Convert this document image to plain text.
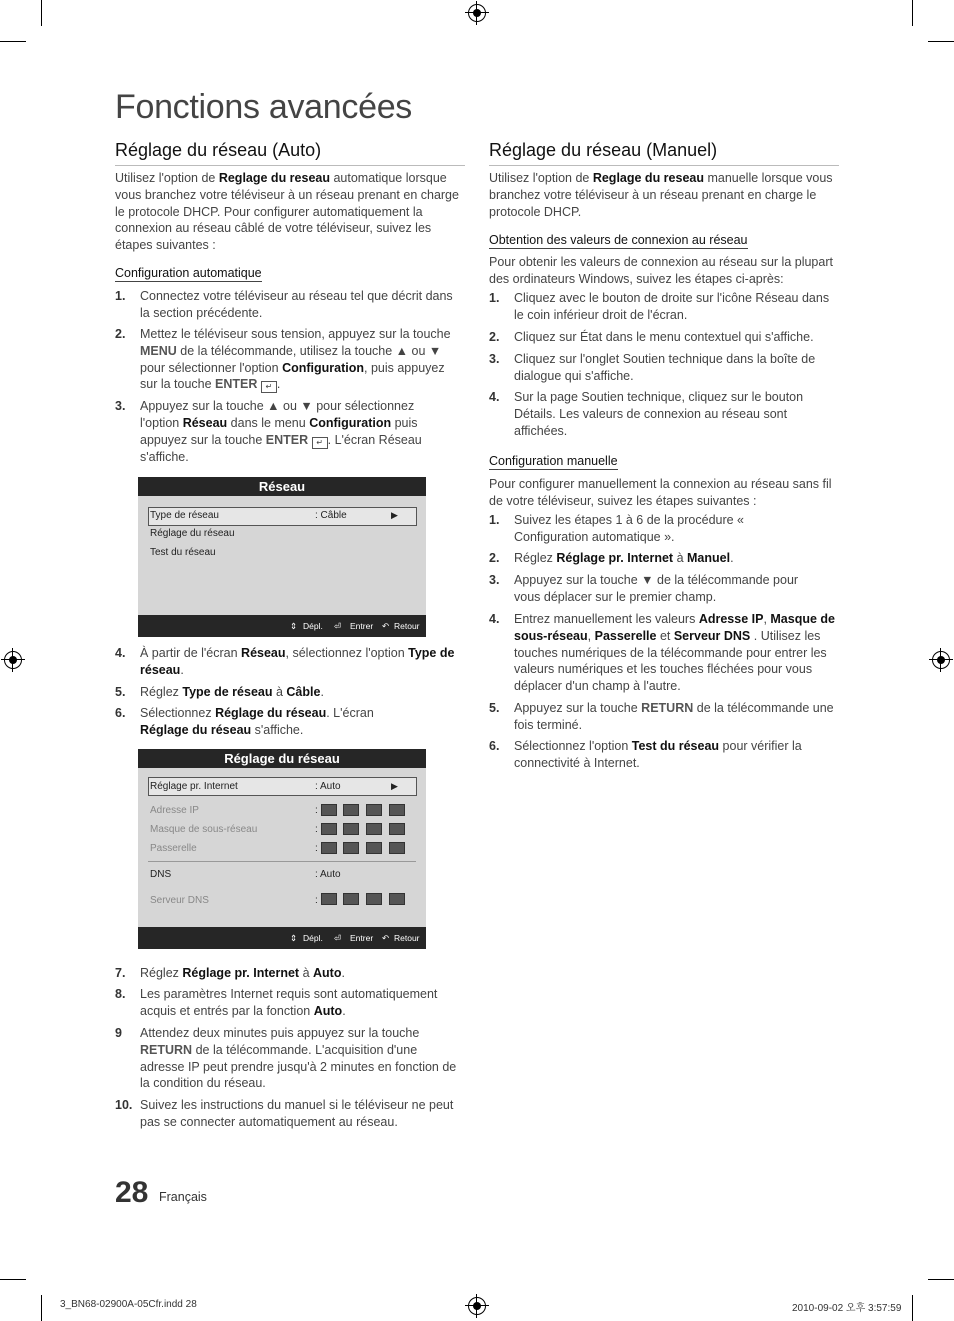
Fonctions avancées
Réglage du réseau (Auto)
Utilisez l'option de Reglage du reseau automatique lorsque vous branchez votre téléviseur à un réseau prenant en charge le protocole DHCP. Pour configurer automatiquement la connexion au réseau câblé de votre téléviseur, suivez les étapes suivantes :
Configuration automatique
1. Connectez votre téléviseur au réseau tel que décrit dans la section précédente.
2. Mettez le téléviseur sous tension, appuyez sur la touche MENU de la télécommande, utilisez la touche ▲ ou ▼ pour sélectionner l'option Configuration, puis appuyez sur la touche ENTER ↵ .
3. Appuyez sur la touche ▲ ou ▼ pour sélectionnez l'option Réseau dans le menu Configuration puis appuyez sur la touche ENTER ↵ . L'écran Réseau s'affiche.
Réseau
Type de réseau	: Câble	▶
Réglage du réseau
Test du réseau
⇕ Dépl. ⏎ Entrer ↶ Retour
4. À partir de l'écran Réseau, sélectionnez l'option Type de réseau.
5. Réglez Type de réseau à Câble.
6. Sélectionnez Réglage du réseau. L'écran Réglage du réseau s'affiche.
Réglage du réseau
Réglage pr. Internet	: Auto	▶
Adresse IP	:
Masque de sous-réseau	:
Passerelle	:
DNS	: Auto
Serveur DNS	:
⇕ Dépl. ⏎ Entrer ↶ Retour
7. Réglez Réglage pr. Internet à Auto.
8. Les paramètres Internet requis sont automatiquement acquis et entrés par la fonction Auto.
9 Attendez deux minutes puis appuyez sur la touche RETURN de la télécommande. L'acquisition d'une adresse IP peut prendre jusqu'à 2 minutes en fonction de la condition du réseau.
10. Suivez les instructions du manuel si le téléviseur ne peut pas se connecter automatiquement au réseau.
Réglage du réseau (Manuel)
Utilisez l'option de Reglage du reseau manuelle lorsque vous branchez votre téléviseur à un réseau prenant en charge le protocole DHCP.
Obtention des valeurs de connexion au réseau
Pour obtenir les valeurs de connexion au réseau sur la plupart des ordinateurs Windows, suivez les étapes ci-après:
1. Cliquez avec le bouton de droite sur l'icône Réseau dans le coin inférieur droit de l'écran.
2. Cliquez sur État dans le menu contextuel qui s'affiche.
3. Cliquez sur l'onglet Soutien technique dans la boîte de dialogue qui s'affiche.
4. Sur la page Soutien technique, cliquez sur le bouton Détails. Les valeurs de connexion au réseau sont affichées.
Configuration manuelle
Pour configurer manuellement la connexion au réseau sans fil de votre téléviseur, suivez les étapes suivantes :
1. Suivez les étapes 1 à 6 de la procédure « Configuration automatique ».
2. Réglez Réglage pr. Internet à Manuel.
3. Appuyez sur la touche ▼ de la télécommande pour vous déplacer sur le premier champ.
4. Entrez manuellement les valeurs Adresse IP, Masque de sous-réseau, Passerelle et Serveur DNS . Utilisez les touches numériques de la télécommande pour entrer les valeurs numériques et les touches fléchées pour vous déplacer d'un champ à l'autre.
5. Appuyez sur la touche RETURN de la télécommande une fois terminé.
6. Sélectionnez l'option Test du réseau pour vérifier la connectivité à Internet.
28 Français
3_BN68-02900A-05Cfr.indd 28	2010-09-02 오후 3:57:59
